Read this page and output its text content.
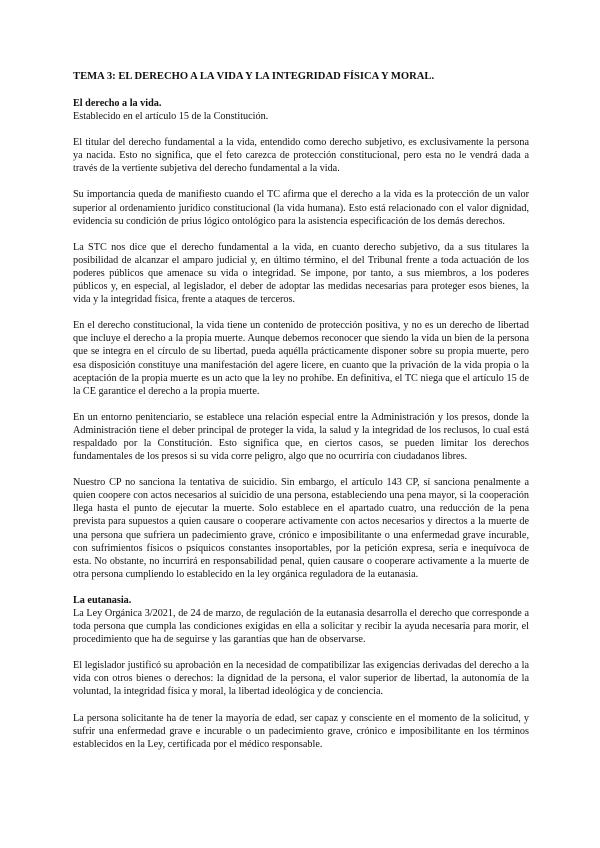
TEMA 3: EL DERECHO A LA VIDA Y LA INTEGRIDAD FÍSICA Y MORAL.
El derecho a la vida.

Establecido en el artículo 15 de la Constitución.

El titular del derecho fundamental a la vida, entendido como derecho subjetivo, es exclusivamente la persona ya nacida. Esto no significa, que el feto carezca de protección constitucional, pero esta no le vendrá dada a través de la vertiente subjetiva del derecho fundamental a la vida.

Su importancia queda de manifiesto cuando el TC afirma que el derecho a la vida es la protección de un valor superior al ordenamiento jurídico constitucional (la vida humana). Esto está relacionado con el valor dignidad, evidencia su condición de prius lógico ontológico para la asistencia especificación de los demás derechos.

La STC nos dice que el derecho fundamental a la vida, en cuanto derecho subjetivo, da a sus titulares la posibilidad de alcanzar el amparo judicial y, en último término, el del Tribunal frente a toda actuación de los poderes públicos que amenace su vida o integridad. Se impone, por tanto, a sus miembros, a los poderes públicos y, en especial, al legislador, el deber de adoptar las medidas necesarias para proteger esos bienes, la vida y la integridad física, frente a ataques de terceros.

En el derecho constitucional, la vida tiene un contenido de protección positiva, y no es un derecho de libertad que incluye el derecho a la propia muerte. Aunque debemos reconocer que siendo la vida un bien de la persona que se integra en el círculo de su libertad, pueda aquélla prácticamente disponer sobre su propia muerte, pero esa disposición constituye una manifestación del agere licere, en cuanto que la privación de la vida propia o la aceptación de la propia muerte es un acto que la ley no prohíbe. En definitiva, el TC niega que el artículo 15 de la CE garantice el derecho a la propia muerte.

En un entorno penitenciario, se establece una relación especial entre la Administración y los presos, donde la Administración tiene el deber principal de proteger la vida, la salud y la integridad de los reclusos, lo cual está respaldado por la Constitución. Esto significa que, en ciertos casos, se pueden limitar los derechos fundamentales de los presos si su vida corre peligro, algo que no ocurriría con ciudadanos libres.

Nuestro CP no sanciona la tentativa de suicidio. Sin embargo, el artículo 143 CP, sí sanciona penalmente a quien coopere con actos necesarios al suicidio de una persona, estableciendo una pena mayor, si la cooperación llega hasta el punto de ejecutar la muerte. Solo establece en el apartado cuatro, una reducción de la pena prevista para supuestos a quien causare o cooperare activamente con actos necesarios y directos a la muerte de una persona que sufriera un padecimiento grave, crónico e imposibilitante o una enfermedad grave incurable, con sufrimientos físicos o psíquicos constantes insoportables, por la petición expresa, seria e inequívoca de esta. No obstante, no incurrirá en responsabilidad penal, quien causare o cooperare activamente a la muerte de otra persona cumpliendo lo establecido en la ley orgánica reguladora de la eutanasia.

La eutanasia.

La Ley Orgánica 3/2021, de 24 de marzo, de regulación de la eutanasia desarrolla el derecho que corresponde a toda persona que cumpla las condiciones exigidas en ella a solicitar y recibir la ayuda necesaria para morir, el procedimiento que ha de seguirse y las garantías que han de observarse.

El legislador justificó su aprobación en la necesidad de compatibilizar las exigencias derivadas del derecho a la vida con otros bienes o derechos: la dignidad de la persona, el valor superior de libertad, la autonomía de la voluntad, la integridad física y moral, la libertad ideológica y de conciencia.

La persona solicitante ha de tener la mayoría de edad, ser capaz y consciente en el momento de la solicitud, y sufrir una enfermedad grave e incurable o un padecimiento grave, crónico e imposibilitante en los términos establecidos en la Ley, certificada por el médico responsable.
